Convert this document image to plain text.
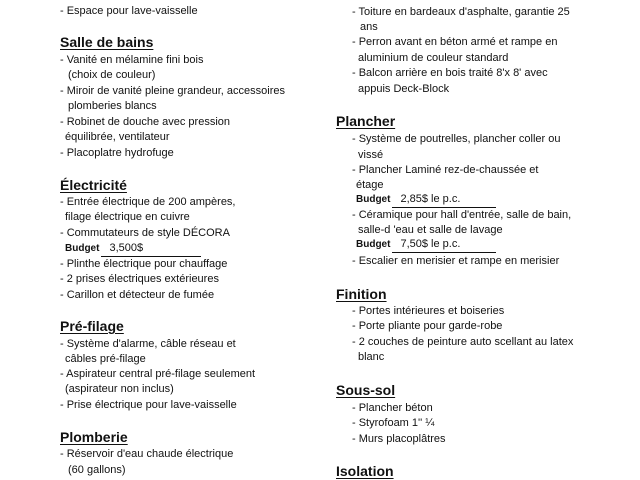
- Espace pour lave-vaisselle
Salle de bains
- Vanité en mélamine fini bois
(choix de couleur)
- Miroir de vanité pleine grandeur, accessoires
plomberies blancs
- Robinet de douche avec pression
équilibrée, ventilateur
- Placoplatre hydrofuge
Électricité
- Entrée électrique de 200 ampères,
filage électrique en cuivre
- Commutateurs de style DÉCORA
Budget 3,500$
- Plinthe électrique pour chauffage
- 2 prises électriques extérieures
- Carillon et détecteur de fumée
Pré-filage
- Système d'alarme, câble réseau et
câbles pré-filage
- Aspirateur central pré-filage seulement
(aspirateur non inclus)
- Prise électrique pour lave-vaisselle
Plomberie
- Réservoir d'eau chaude électrique
(60 gallons)
- Toiture en bardeaux d'asphalte, garantie 25
ans
- Perron avant en béton armé et rampe en
aluminium de couleur standard
- Balcon arrière en bois traité 8'x 8' avec
appuis Deck-Block
Plancher
- Système de poutrelles, plancher coller ou
vissé
- Plancher Laminé rez-de-chaussée et
étage
Budget 2,85$ le p.c.
- Céramique pour hall d'entrée, salle de bain,
salle-d 'eau et salle de lavage
Budget 7,50$ le p.c.
- Escalier en merisier et rampe en merisier
Finition
- Portes intérieures et boiseries
- Porte pliante pour garde-robe
- 2 couches de peinture auto scellant au latex
blanc
Sous-sol
- Plancher béton
- Styrofoam 1'' ¼
- Murs placoplâtres
Isolation
